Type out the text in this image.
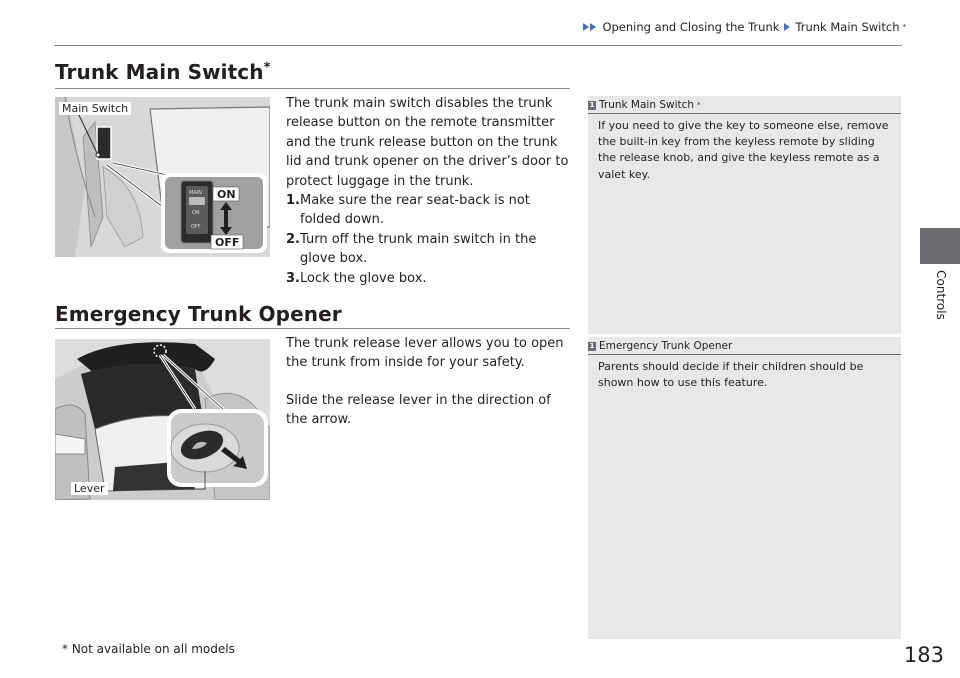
Opening and Closing the Trunk Trunk Main Switch *
Controls
Trunk Main Switch*
MAIN
ON
OFF
ON
OFF
Main Switch	The trunk main switch disables the trunk release button on the remote transmitter and the trunk release button on the trunk lid and trunk opener on the driver’s door to protect luggage in the trunk.

1. Make sure the rear seat-back is not folded down.
2. Turn off the trunk main switch in the glove box.
3. Lock the glove box.
1 Trunk Main Switch *
If you need to give the key to someone else, remove the built-in key from the keyless remote by sliding the release knob, and give the keyless remote as a valet key.
Emergency Trunk Opener
Lever

The trunk release lever allows you to open the trunk from inside for your safety.

Slide the release lever in the direction of the arrow.

1 Emergency Trunk Opener
Parents should decide if their children should be shown how to use this feature.
* Not available on all models	183
